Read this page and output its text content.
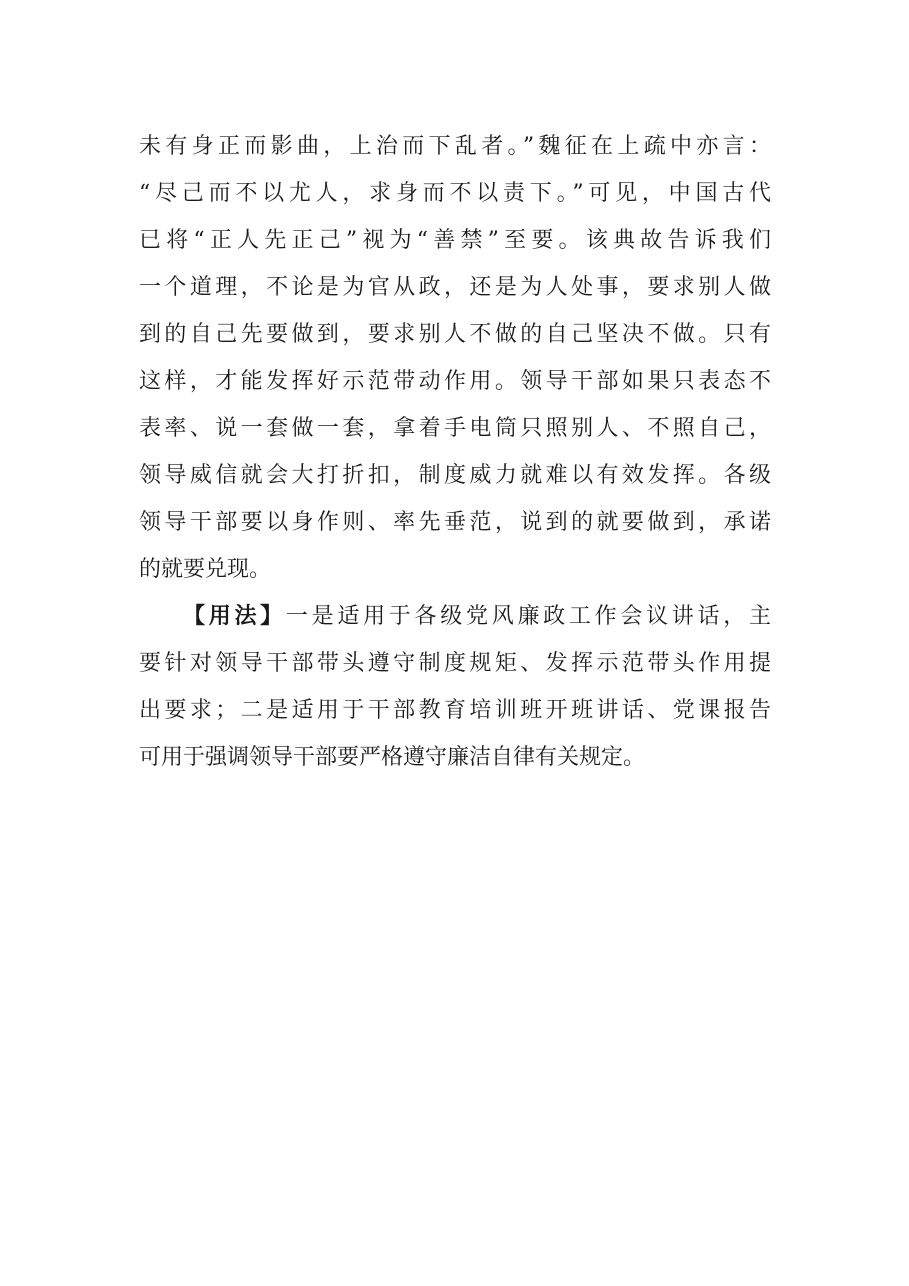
未有身正而影曲，上治而下乱者。”魏征在上疏中亦言：
“尽己而不以尤人，求身而不以责下。”可见，中国古代
已将“正人先正己”视为“善禁”至要。该典故告诉我们
一个道理，不论是为官从政，还是为人处事，要求别人做
到的自己先要做到，要求别人不做的自己坚决不做。只有
这样，才能发挥好示范带动作用。领导干部如果只表态不
表率、说一套做一套，拿着手电筒只照别人、不照自己，
领导威信就会大打折扣，制度威力就难以有效发挥。各级
领导干部要以身作则、率先垂范，说到的就要做到，承诺
的就要兑现。
【用法】一是适用于各级党风廉政工作会议讲话，主
要针对领导干部带头遵守制度规矩、发挥示范带头作用提
出要求；二是适用于干部教育培训班开班讲话、党课报告
可用于强调领导干部要严格遵守廉洁自律有关规定。
